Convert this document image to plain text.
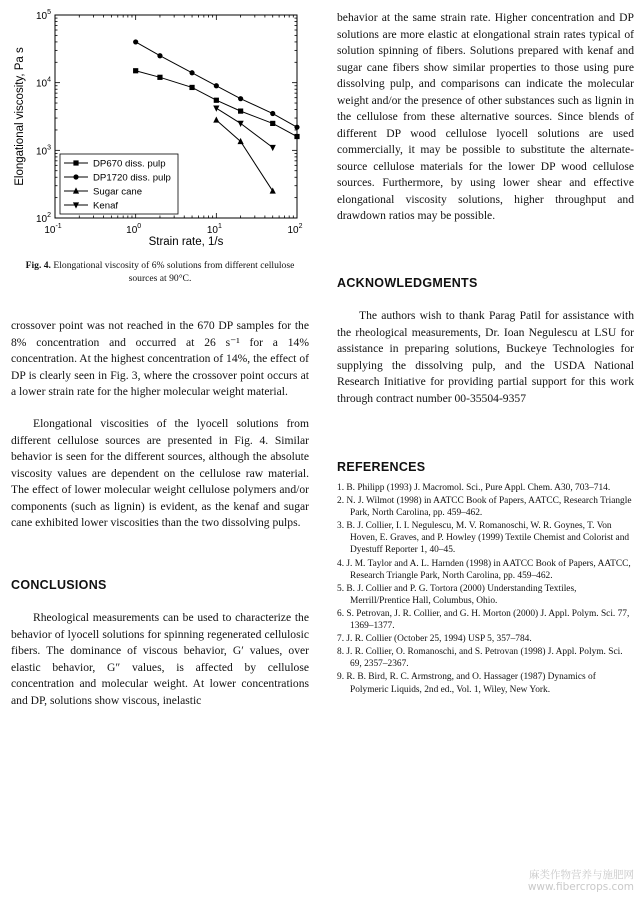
$10^{-1}$	$10^0$	$10^1$	$10^2$
$10^2$
$10^3$
$10^4$
$10^5$
Strain rate, 1/s
Elongational viscosity, Pa s	DP670 diss. pulp
DP1720 diss. pulp
Sugar cane
Kenaf
Fig. 4. Elongational viscosity of 6% solutions from different cellulose sources at 90°C.

crossover point was not reached in the 670 DP samples for the 8% concentration and occurred at 26 s⁻¹ for a 14% concentration. At the highest concentration of 14%, the effect of DP is clearly seen in Fig. 3, where the crossover point occurs at a lower strain rate for the higher molecular weight material.

Elongational viscosities of the lyocell solutions from different cellulose sources are presented in Fig. 4. Similar behavior is seen for the different sources, although the absolute viscosity values are dependent on the cellulose raw material. The effect of lower molecular weight cellulose polymers and/or components (such as lignin) is evident, as the kenaf and sugar cane exhibited lower viscosities than the two dissolving pulps.

CONCLUSIONS

Rheological measurements can be used to characterize the behavior of lyocell solutions for spinning regenerated cellulosic fibers. The dominance of viscous behavior, G′ values, over elastic behavior, G″ values, is affected by cellulose concentration and molecular weight. At lower concentrations and DP, solutions show viscous, inelastic

behavior at the same strain rate. Higher concentration and DP solutions are more elastic at elongational strain rates typical of solution spinning of fibers. Solutions prepared with kenaf and sugar cane fibers show similar properties to those using pure dissolving pulp, and comparisons can indicate the molecular weight and/or the presence of other substances such as lignin in the cellulose from these alternative sources. Since blends of different DP wood cellulose lyocell solutions are used commercially, it may be possible to substitute the alternate-source cellulose materials for the lower DP wood cellulose sources. Furthermore, by using lower shear and effective elongational viscosity solutions, higher throughput and drawdown ratios may be possible.

ACKNOWLEDGMENTS

The authors wish to thank Parag Patil for assistance with the rheological measurements, Dr. Ioan Negulescu at LSU for assistance in preparing solutions, Buckeye Technologies for supplying the dissolving pulp, and the USDA National Research Initiative for providing partial support for this work through contract number 00-35504-9357

REFERENCES
1. B. Philipp (1993) J. Macromol. Sci., Pure Appl. Chem. A30, 703–714.
2. N. J. Wilmot (1998) in AATCC Book of Papers, AATCC, Research Triangle Park, North Carolina, pp. 459–462.
3. B. J. Collier, I. I. Negulescu, M. V. Romanoschi, W. R. Goynes, T. Von Hoven, E. Graves, and P. Howley (1999) Textile Chemist and Colorist and Dyestuff Reporter 1, 40–45.
4. J. M. Taylor and A. L. Harnden (1998) in AATCC Book of Papers, AATCC, Research Triangle Park, North Carolina, pp. 459–462.
5. B. J. Collier and P. G. Tortora (2000) Understanding Textiles, Merrill/Prentice Hall, Columbus, Ohio.
6. S. Petrovan, J. R. Collier, and G. H. Morton (2000) J. Appl. Polym. Sci. 77, 1369–1377.
7. J. R. Collier (October 25, 1994) USP 5, 357–784.
8. J. R. Collier, O. Romanoschi, and S. Petrovan (1998) J. Appl. Polym. Sci. 69, 2357–2367.
9. R. B. Bird, R. C. Armstrong, and O. Hassager (1987) Dynamics of Polymeric Liquids, 2nd ed., Vol. 1, Wiley, New York.
麻类作物营养与施肥网
www.fibercrops.com
